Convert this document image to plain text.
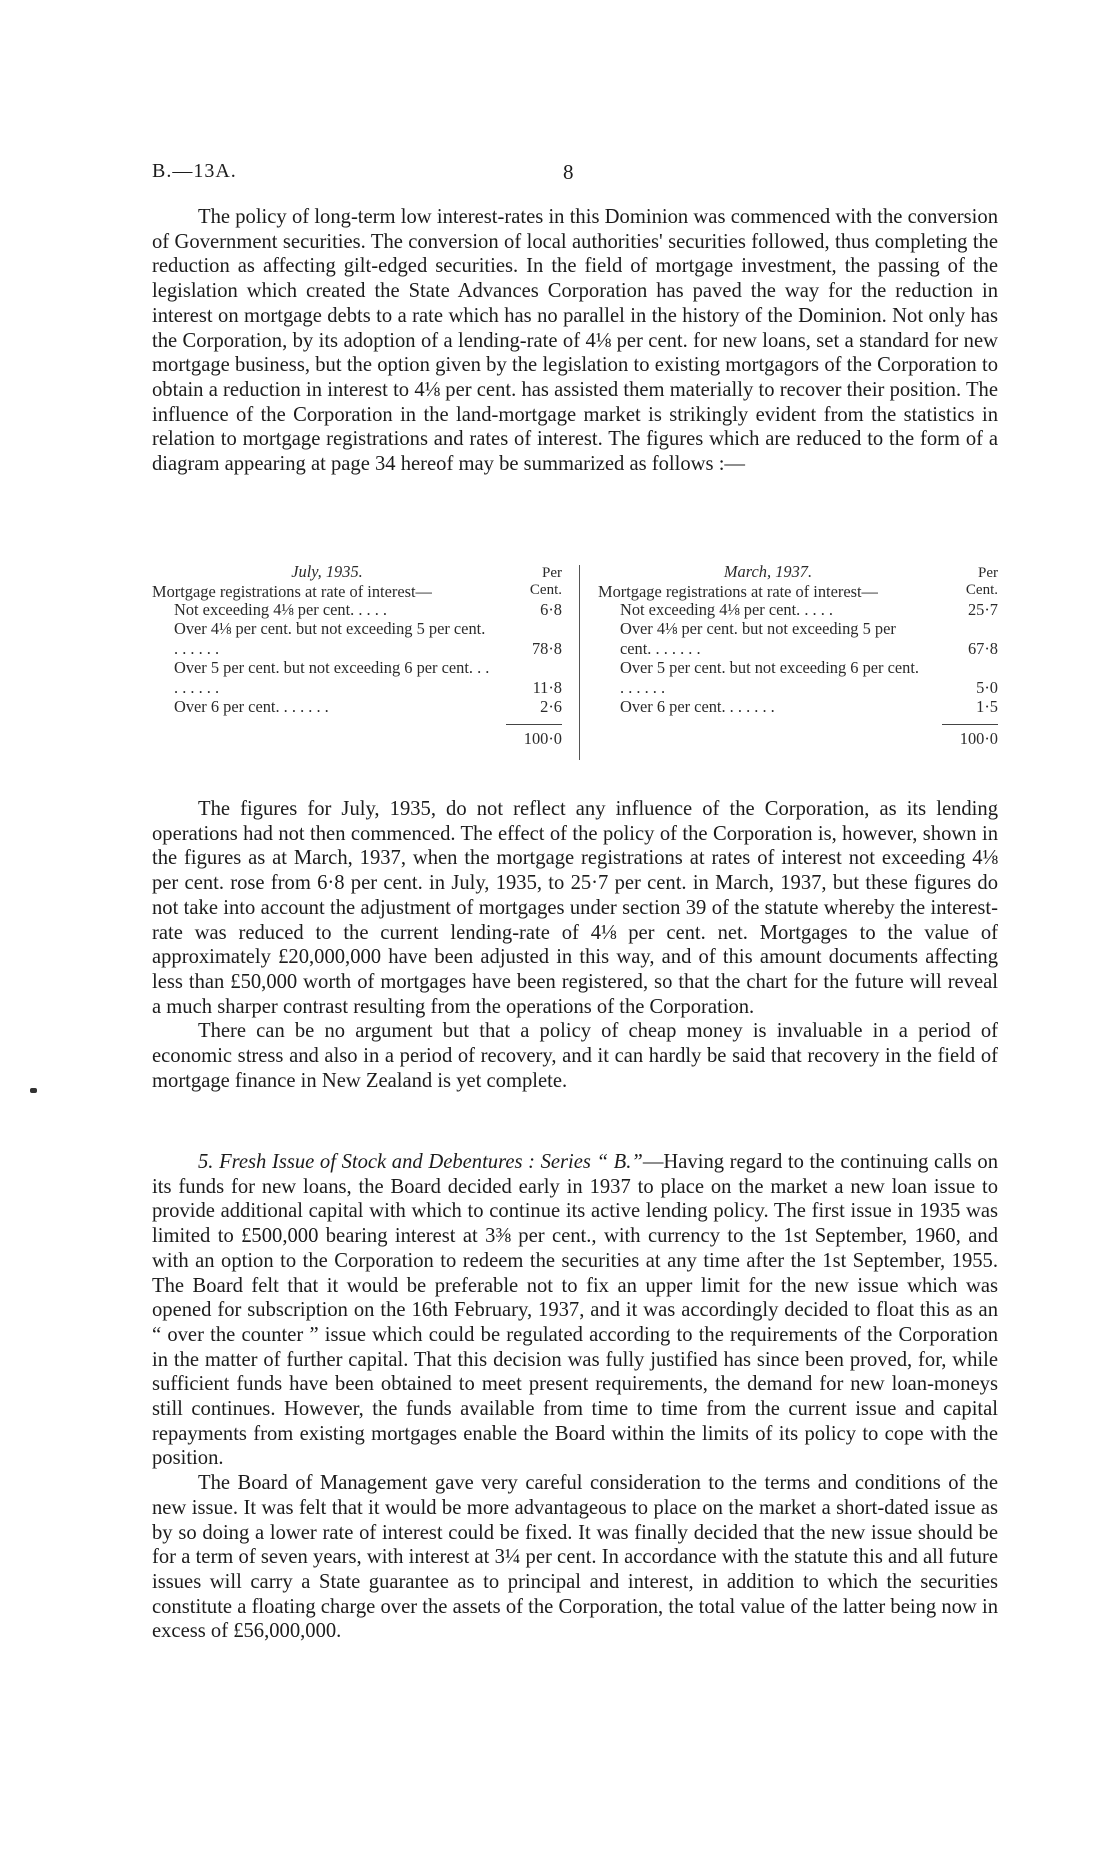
B.—13A.	8

The policy of long-term low interest-rates in this Dominion was commenced with the conversion of Government securities. The conversion of local authorities' securities followed, thus completing the reduction as affecting gilt-edged securities. In the field of mortgage investment, the passing of the legislation which created the State Advances Corporation has paved the way for the reduction in interest on mortgage debts to a rate which has no parallel in the history of the Dominion. Not only has the Corporation, by its adoption of a lending-rate of 4⅛ per cent. for new loans, set a standard for new mortgage business, but the option given by the legislation to existing mortgagors of the Corporation to obtain a reduction in interest to 4⅛ per cent. has assisted them materially to recover their position. The influence of the Corporation in the land-mortgage market is strikingly evident from the statistics in relation to mortgage registrations and rates of interest. The figures which are reduced to the form of a diagram appearing at page 34 hereof may be summarized as follows :—

July, 1935.	Per Cent.
Mortgage registrations at rate of interest—
Not exceeding 4⅛ per cent. . . . .	6·8
Over 4⅛ per cent. but not exceeding 5 per cent. . . . . . .	78·8
Over 5 per cent. but not exceeding 6 per cent. . . . . . . . .	11·8
Over 6 per cent. . . . . . .	2·6
100·0
March, 1937.	Per Cent.
Mortgage registrations at rate of interest—
Not exceeding 4⅛ per cent. . . . .	25·7
Over 4⅛ per cent. but not exceeding 5 per cent. . . . . . .	67·8
Over 5 per cent. but not exceeding 6 per cent. . . . . . .	5·0
Over 6 per cent. . . . . . .	1·5
100·0

The figures for July, 1935, do not reflect any influence of the Corporation, as its lending operations had not then commenced. The effect of the policy of the Corporation is, however, shown in the figures as at March, 1937, when the mortgage registrations at rates of interest not exceeding 4⅛ per cent. rose from 6·8 per cent. in July, 1935, to 25·7 per cent. in March, 1937, but these figures do not take into account the adjustment of mortgages under section 39 of the statute whereby the interest-rate was reduced to the current lending-rate of 4⅛ per cent. net. Mortgages to the value of approximately £20,000,000 have been adjusted in this way, and of this amount documents affecting less than £50,000 worth of mortgages have been registered, so that the chart for the future will reveal a much sharper contrast resulting from the operations of the Corporation.

There can be no argument but that a policy of cheap money is invaluable in a period of economic stress and also in a period of recovery, and it can hardly be said that recovery in the field of mortgage finance in New Zealand is yet complete.

5. Fresh Issue of Stock and Debentures : Series “ B.”—Having regard to the continuing calls on its funds for new loans, the Board decided early in 1937 to place on the market a new loan issue to provide additional capital with which to continue its active lending policy. The first issue in 1935 was limited to £500,000 bearing interest at 3⅜ per cent., with currency to the 1st September, 1960, and with an option to the Corporation to redeem the securities at any time after the 1st September, 1955. The Board felt that it would be preferable not to fix an upper limit for the new issue which was opened for subscription on the 16th February, 1937, and it was accordingly decided to float this as an “ over the counter ” issue which could be regulated according to the requirements of the Corporation in the matter of further capital. That this decision was fully justified has since been proved, for, while sufficient funds have been obtained to meet present requirements, the demand for new loan-moneys still continues. However, the funds available from time to time from the current issue and capital repayments from existing mortgages enable the Board within the limits of its policy to cope with the position.

The Board of Management gave very careful consideration to the terms and conditions of the new issue. It was felt that it would be more advantageous to place on the market a short-dated issue as by so doing a lower rate of interest could be fixed. It was finally decided that the new issue should be for a term of seven years, with interest at 3¼ per cent. In accordance with the statute this and all future issues will carry a State guarantee as to principal and interest, in addition to which the securities constitute a floating charge over the assets of the Corporation, the total value of the latter being now in excess of £56,000,000.
